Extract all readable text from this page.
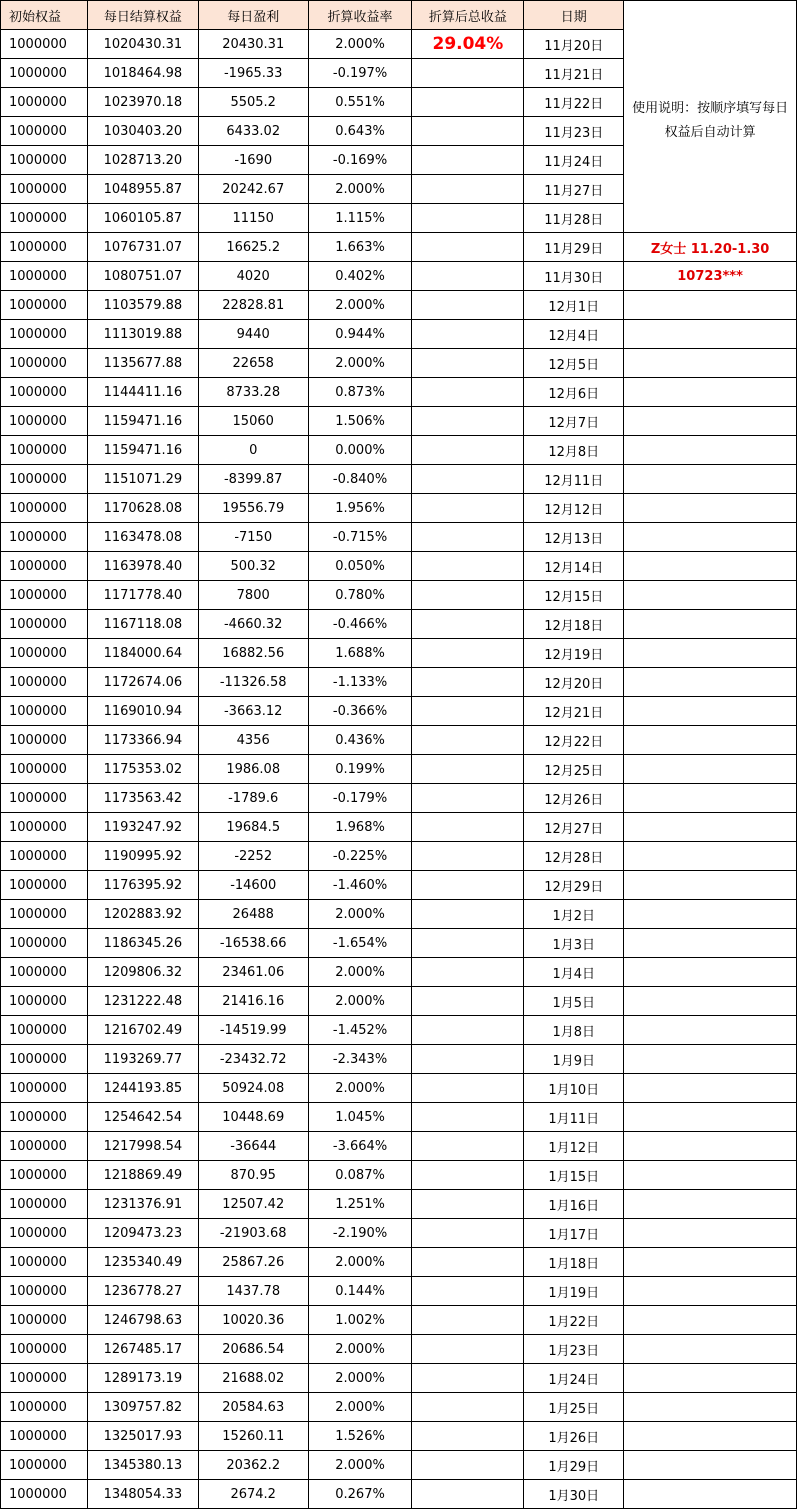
初始权益	每日结算权益	每日盈利	折算收益率	折算后总收益	日期	使用说明：按顺序填写每日权益后自动计算

1000000	1020430.31	20430.31	2.000%	29.04%	11月20日	
1000000	1018464.98	-1965.33	-0.197%		11月21日	
1000000	1023970.18	5505.2	0.551%		11月22日	
1000000	1030403.20	6433.02	0.643%		11月23日	
1000000	1028713.20	-1690	-0.169%		11月24日	
1000000	1048955.87	20242.67	2.000%		11月27日	
1000000	1060105.87	11150	1.115%		11月28日	
1000000	1076731.07	16625.2	1.663%		11月29日	Z女士 11.20-1.30
1000000	1080751.07	4020	0.402%		11月30日	10723***
1000000	1103579.88	22828.81	2.000%		12月1日	
1000000	1113019.88	9440	0.944%		12月4日	
1000000	1135677.88	22658	2.000%		12月5日	
1000000	1144411.16	8733.28	0.873%		12月6日	
1000000	1159471.16	15060	1.506%		12月7日	
1000000	1159471.16	0	0.000%		12月8日	
1000000	1151071.29	-8399.87	-0.840%		12月11日	
1000000	1170628.08	19556.79	1.956%		12月12日	
1000000	1163478.08	-7150	-0.715%		12月13日	
1000000	1163978.40	500.32	0.050%		12月14日	
1000000	1171778.40	7800	0.780%		12月15日	
1000000	1167118.08	-4660.32	-0.466%		12月18日	
1000000	1184000.64	16882.56	1.688%		12月19日	
1000000	1172674.06	-11326.58	-1.133%		12月20日	
1000000	1169010.94	-3663.12	-0.366%		12月21日	
1000000	1173366.94	4356	0.436%		12月22日	
1000000	1175353.02	1986.08	0.199%		12月25日	
1000000	1173563.42	-1789.6	-0.179%		12月26日	
1000000	1193247.92	19684.5	1.968%		12月27日	
1000000	1190995.92	-2252	-0.225%		12月28日	
1000000	1176395.92	-14600	-1.460%		12月29日	
1000000	1202883.92	26488	2.000%		1月2日	
1000000	1186345.26	-16538.66	-1.654%		1月3日	
1000000	1209806.32	23461.06	2.000%		1月4日	
1000000	1231222.48	21416.16	2.000%		1月5日	
1000000	1216702.49	-14519.99	-1.452%		1月8日	
1000000	1193269.77	-23432.72	-2.343%		1月9日	
1000000	1244193.85	50924.08	2.000%		1月10日	
1000000	1254642.54	10448.69	1.045%		1月11日	
1000000	1217998.54	-36644	-3.664%		1月12日	
1000000	1218869.49	870.95	0.087%		1月15日	
1000000	1231376.91	12507.42	1.251%		1月16日	
1000000	1209473.23	-21903.68	-2.190%		1月17日	
1000000	1235340.49	25867.26	2.000%		1月18日	
1000000	1236778.27	1437.78	0.144%		1月19日	
1000000	1246798.63	10020.36	1.002%		1月22日	
1000000	1267485.17	20686.54	2.000%		1月23日	
1000000	1289173.19	21688.02	2.000%		1月24日	
1000000	1309757.82	20584.63	2.000%		1月25日	
1000000	1325017.93	15260.11	1.526%		1月26日	
1000000	1345380.13	20362.2	2.000%		1月29日	
1000000	1348054.33	2674.2	0.267%		1月30日	
